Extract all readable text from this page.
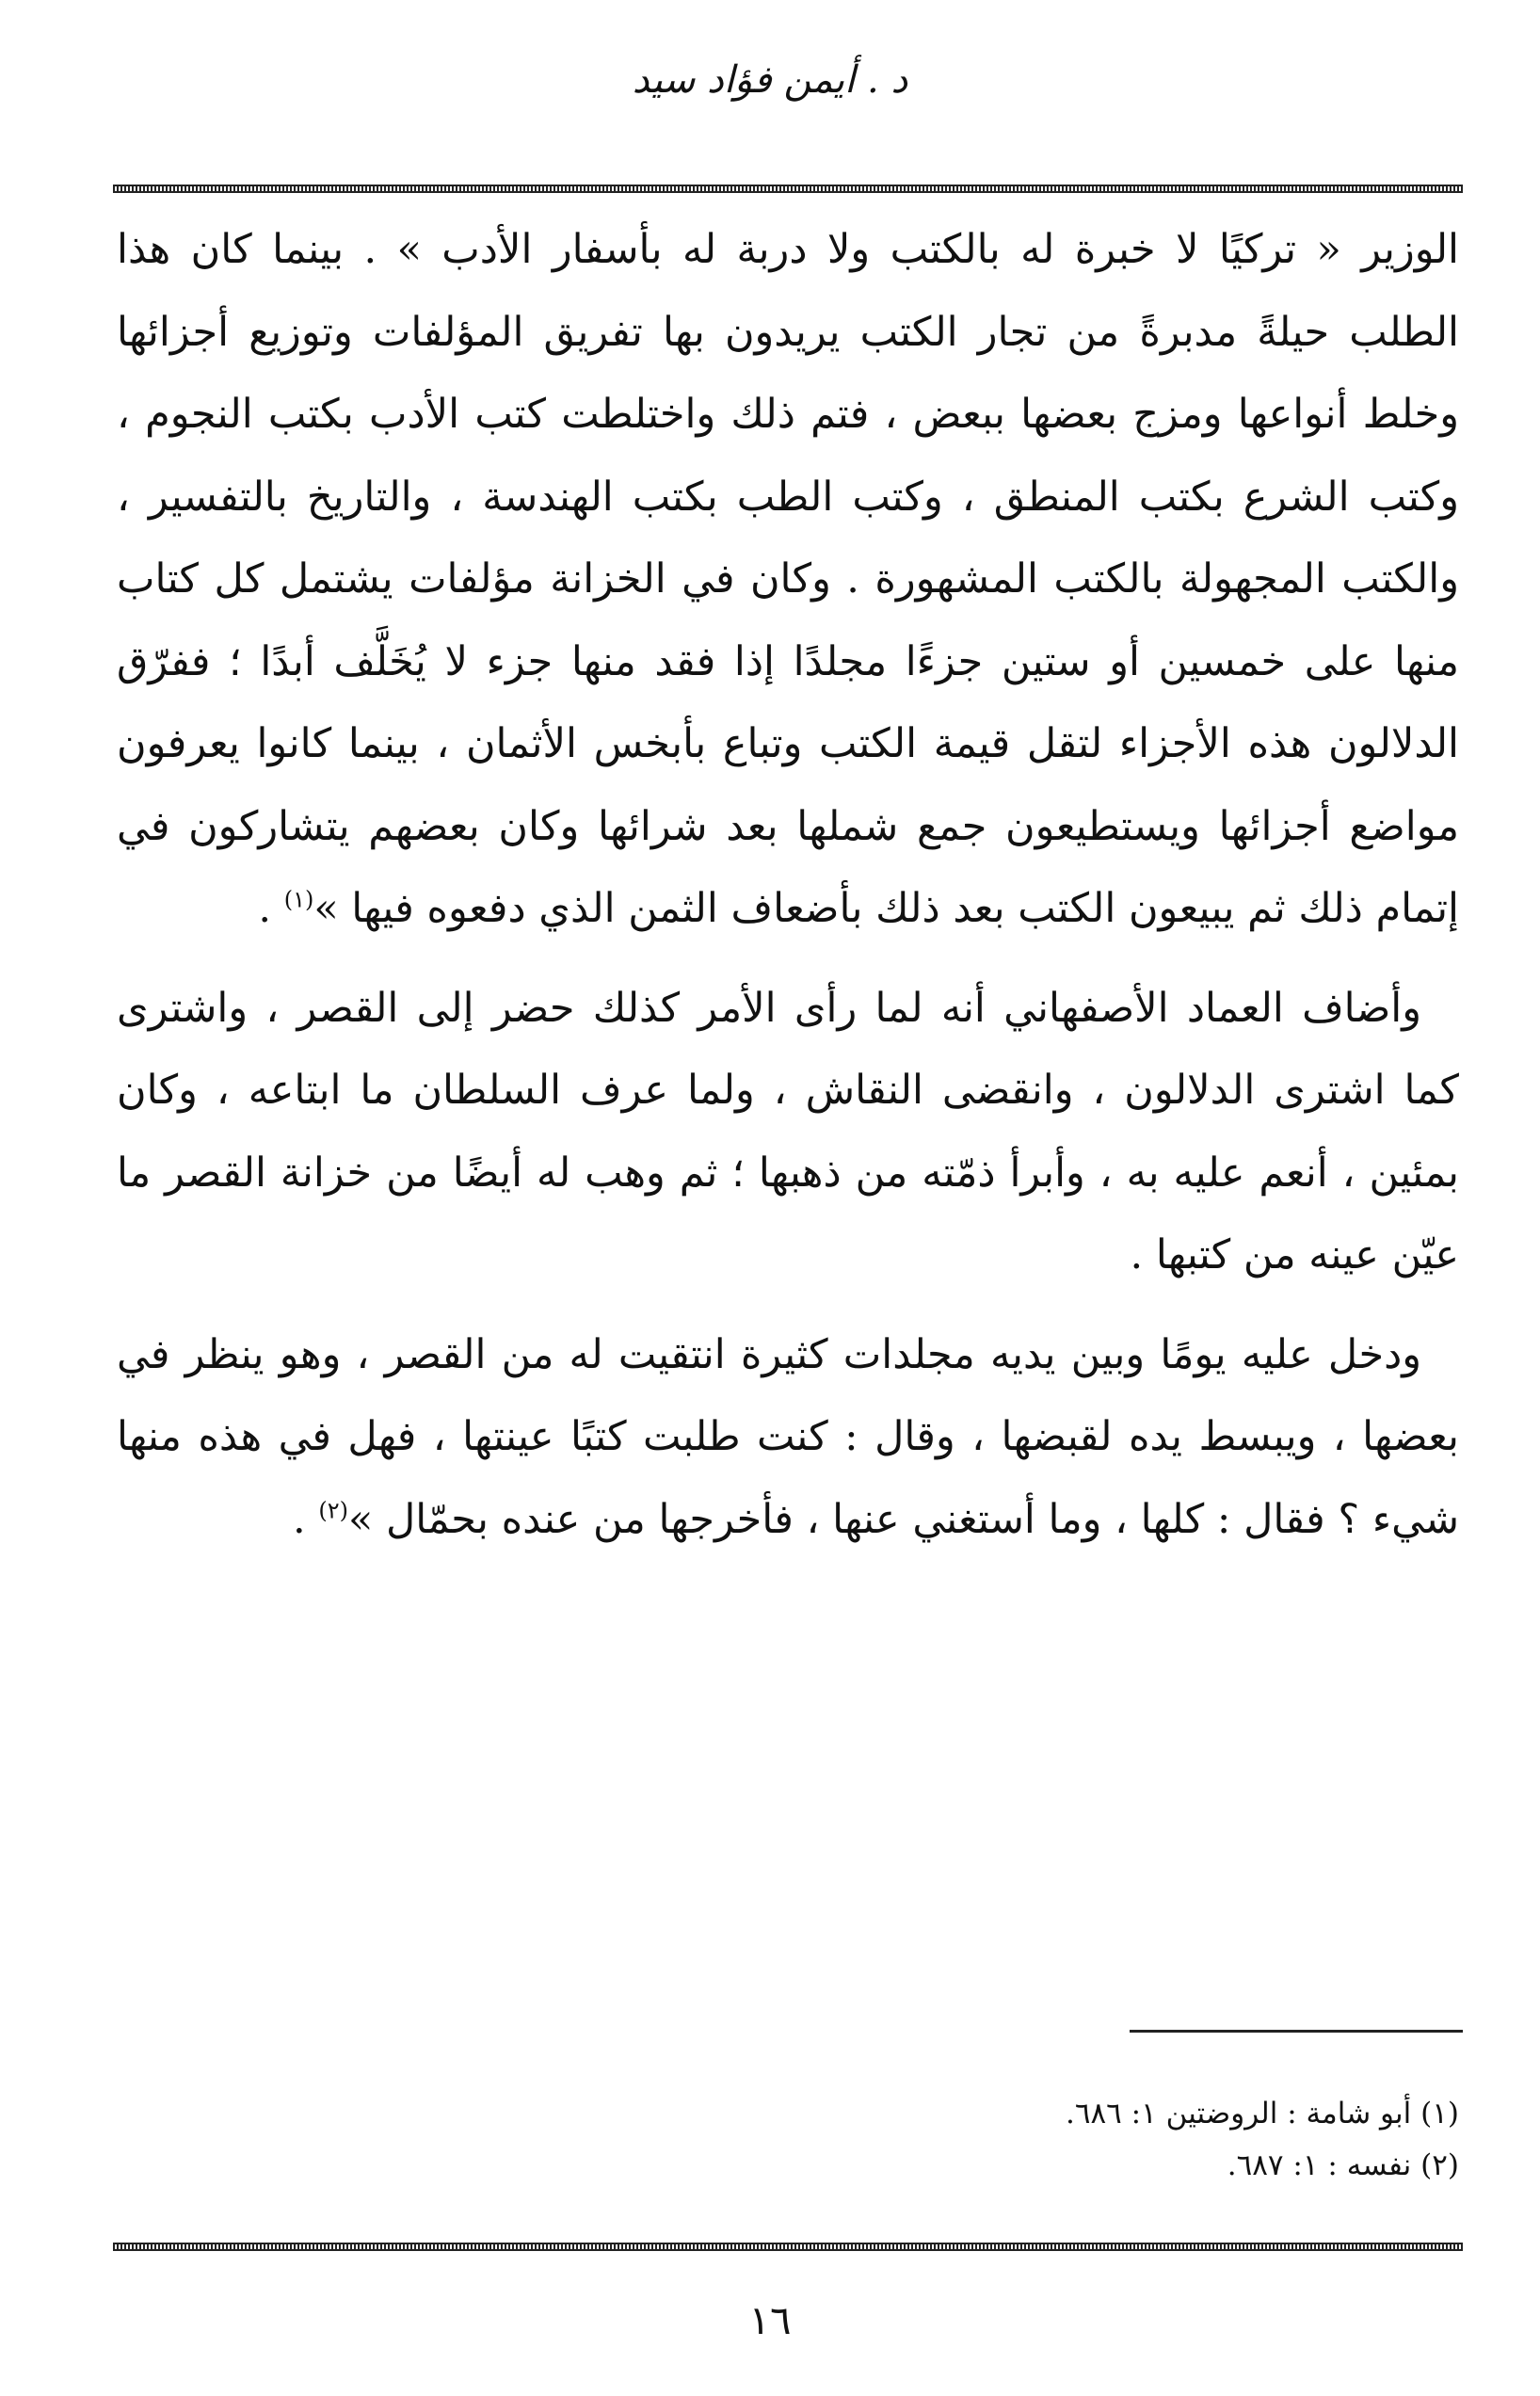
د . أيمن فؤاد سيد

الوزير « تركيًا لا خبرة له بالكتب ولا دربة له بأسفار الأدب » . بينما كان هذا الطلب حيلةً مدبرةً من تجار الكتب يريدون بها تفريق المؤلفات وتوزيع أجزائها وخلط أنواعها ومزج بعضها ببعض ، فتم ذلك واختلطت كتب الأدب بكتب النجوم ، وكتب الشرع بكتب المنطق ، وكتب الطب بكتب الهندسة ، والتاريخ بالتفسير ، والكتب المجهولة بالكتب المشهورة . وكان في الخزانة مؤلفات يشتمل كل كتاب منها على خمسين أو ستين جزءًا مجلدًا إذا فقد منها جزء لا يُخَلَّف أبدًا ؛ ففرّق الدلالون هذه الأجزاء لتقل قيمة الكتب وتباع بأبخس الأثمان ، بينما كانوا يعرفون مواضع أجزائها ويستطيعون جمع شملها بعد شرائها وكان بعضهم يتشاركون في إتمام ذلك ثم يبيعون الكتب بعد ذلك بأضعاف الثمن الذي دفعوه فيها »$^{(١)}$ .

وأضاف العماد الأصفهاني أنه لما رأى الأمر كذلك حضر إلى القصر ، واشترى كما اشترى الدلالون ، وانقضى النقاش ، ولما عرف السلطان ما ابتاعه ، وكان بمئين ، أنعم عليه به ، وأبرأ ذمّته من ذهبها ؛ ثم وهب له أيضًا من خزانة القصر ما عيّن عينه من كتبها .

ودخل عليه يومًا وبين يديه مجلدات كثيرة انتقيت له من القصر ، وهو ينظر في بعضها ، ويبسط يده لقبضها ، وقال : كنت طلبت كتبًا عينتها ، فهل في هذه منها شيء ؟ فقال : كلها ، وما أستغني عنها ، فأخرجها من عنده بحمّال »$^{(٢)}$ .

(١) أبو شامة : الروضتين ١: ٦٨٦.

(٢) نفسه : ١: ٦٨٧.

١٦
